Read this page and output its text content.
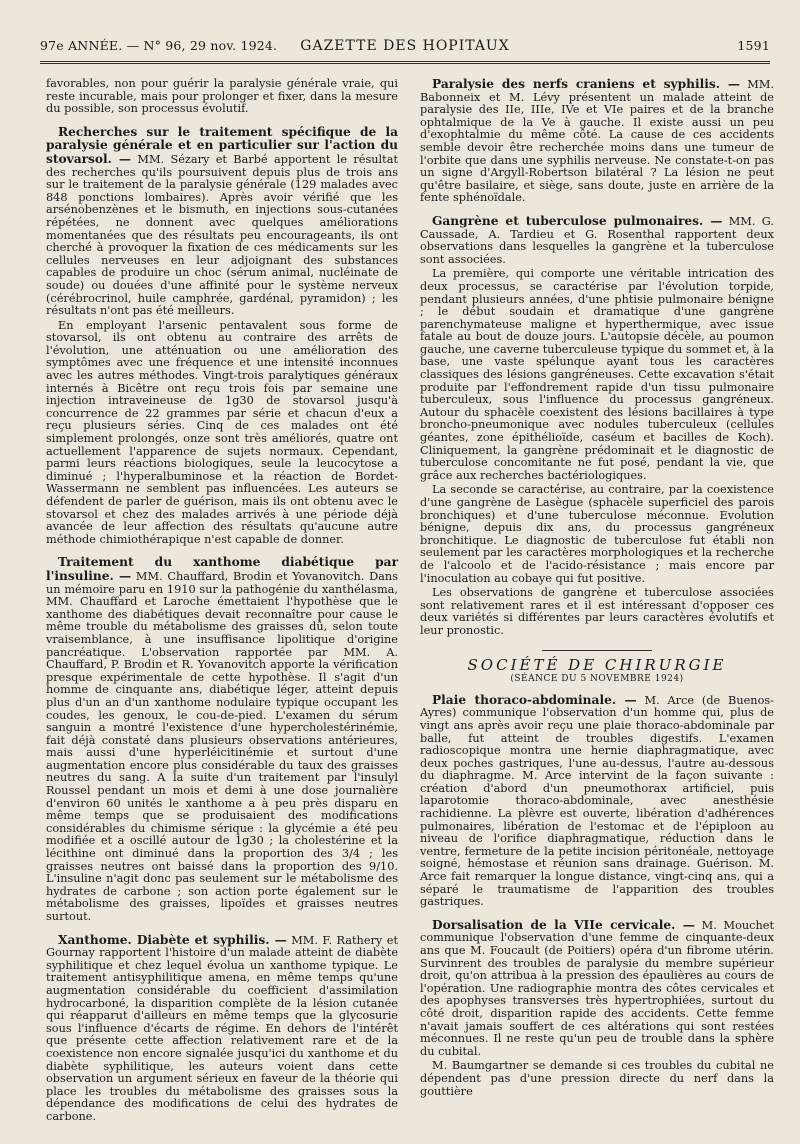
97e ANNÉE. — N° 96, 29 nov. 1924.	GAZETTE DES HOPITAUX	1591

favorables, non pour guérir la paralysie générale vraie, qui reste incurable, mais pour prolonger et fixer, dans la mesure du possible, son processus évolutif.

Recherches sur le traitement spécifique de la paralysie générale et en particulier sur l'action du stovarsol. — MM. Sézary et Barbé apportent le résultat des recherches qu'ils poursuivent depuis plus de trois ans sur le traitement de la paralysie générale (129 malades avec 848 ponctions lombaires). Après avoir vérifié que les arsénobenzènes et le bismuth, en injections sous-cutanées répétées, ne donnent avec quelques améliorations momentanées que des résultats peu encourageants, ils ont cherché à provoquer la fixation de ces médicaments sur les cellules nerveuses en leur adjoignant des substances capables de produire un choc (sérum animal, nucléinate de soude) ou douées d'une affinité pour le système nerveux (cérébrocrinol, huile camphrée, gardénal, pyramidon) ; les résultats n'ont pas été meilleurs.

En employant l'arsenic pentavalent sous forme de stovarsol, ils ont obtenu au contraire des arrêts de l'évolution, une atténuation ou une amélioration des symptômes avec une fréquence et une intensité inconnues avec les autres méthodes. Vingt-trois paralytiques généraux internés à Bicêtre ont reçu trois fois par semaine une injection intraveineuse de 1g30 de stovarsol jusqu'à concurrence de 22 grammes par série et chacun d'eux a reçu plusieurs séries. Cinq de ces malades ont été simplement prolongés, onze sont très améliorés, quatre ont actuellement l'apparence de sujets normaux. Cependant, parmi leurs réactions biologiques, seule la leucocytose a diminué ; l'hyperalbuminose et la réaction de Bordet-Wassermann ne semblent pas influencées. Les auteurs se défendent de parler de guérison, mais ils ont obtenu avec le stovarsol et chez des malades arrivés à une période déjà avancée de leur affection des résultats qu'aucune autre méthode chimiothérapique n'est capable de donner.

Traitement du xanthome diabétique par l'insuline. — MM. Chauffard, Brodin et Yovanovitch. Dans un mémoire paru en 1910 sur la pathogénie du xanthélasma, MM. Chauffard et Laroche émettaient l'hypothèse que le xanthome des diabétiques devait reconnaître pour cause le même trouble du métabolisme des graisses dû, selon toute vraisemblance, à une insuffisance lipolitique d'origine pancréatique. L'observation rapportée par MM. A. Chauffard, P. Brodin et R. Yovanovitch apporte la vérification presque expérimentale de cette hypothèse. Il s'agit d'un homme de cinquante ans, diabétique léger, atteint depuis plus d'un an d'un xanthome nodulaire typique occupant les coudes, les genoux, le cou-de-pied. L'examen du sérum sanguin a montré l'existence d'une hypercholestérinémie, fait déjà constaté dans plusieurs observations antérieures, mais aussi d'une hyperléicitinémie et surtout d'une augmentation encore plus considérable du taux des graisses neutres du sang. A la suite d'un traitement par l'insulyl Roussel pendant un mois et demi à une dose journalière d'environ 60 unités le xanthome a à peu près disparu en même temps que se produisaient des modifications considérables du chimisme sérique : la glycémie a été peu modifiée et a oscillé autour de 1g30 ; la cholestérine et la lécithine ont diminué dans la proportion des 3/4 ; les graisses neutres ont baissé dans la proportion des 9/10. L'insuline n'agit donc pas seulement sur le métabolisme des hydrates de carbone ; son action porte également sur le métabolisme des graisses, lipoïdes et graisses neutres surtout.

Xanthome. Diabète et syphilis. — MM. F. Rathery et Gournay rapportent l'histoire d'un malade atteint de diabète syphilitique et chez lequel évolua un xanthome typique. Le traitement antisyphilitique amena, en même temps qu'une augmentation considérable du coefficient d'assimilation hydrocarboné, la disparition complète de la lésion cutanée qui réapparut d'ailleurs en même temps que la glycosurie sous l'influence d'écarts de régime. En dehors de l'intérêt que présente cette affection relativement rare et de la coexistence non encore signalée jusqu'ici du xanthome et du diabète syphilitique, les auteurs voient dans cette observation un argument sérieux en faveur de la théorie qui place les troubles du métabolisme des graisses sous la dépendance des modifications de celui des hydrates de carbone.

Paralysie des nerfs craniens et syphilis. — MM. Babonneix et M. Lévy présentent un malade atteint de paralysie des IIe, IIIe, IVe et VIe paires et de la branche ophtalmique de la Ve à gauche. Il existe aussi un peu d'exophtalmie du même côté. La cause de ces accidents semble devoir être recherchée moins dans une tumeur de l'orbite que dans une syphilis nerveuse. Ne constate-t-on pas un signe d'Argyll-Robertson bilatéral ? La lésion ne peut qu'être basilaire, et siège, sans doute, juste en arrière de la fente sphénoïdale.

Gangrène et tuberculose pulmonaires. — MM. G. Caussade, A. Tardieu et G. Rosenthal rapportent deux observations dans lesquelles la gangrène et la tuberculose sont associées.

La première, qui comporte une véritable intrication des deux processus, se caractérise par l'évolution torpide, pendant plusieurs années, d'une phtisie pulmonaire bénigne ; le début soudain et dramatique d'une gangrène parenchymateuse maligne et hyperthermique, avec issue fatale au bout de douze jours. L'autopsie décèle, au poumon gauche, une caverne tuberculeuse typique du sommet et, à la base, une vaste spélunque ayant tous les caractères classiques des lésions gangréneuses. Cette excavation s'était produite par l'effondrement rapide d'un tissu pulmonaire tuberculeux, sous l'influence du processus gangréneux. Autour du sphacèle coexistent des lésions bacillaires à type broncho-pneumonique avec nodules tuberculeux (cellules géantes, zone épithélioïde, caséum et bacilles de Koch). Cliniquement, la gangrène prédominait et le diagnostic de tuberculose concomitante ne fut posé, pendant la vie, que grâce aux recherches bactériologiques.

La seconde se caractérise, au contraire, par la coexistence d'une gangrène de Lasègue (sphacèle superficiel des parois bronchiques) et d'une tuberculose méconnue. Evolution bénigne, depuis dix ans, du processus gangréneux bronchitique. Le diagnostic de tuberculose fut établi non seulement par les caractères morphologiques et la recherche de l'alcoolo et de l'acido-résistance ; mais encore par l'inoculation au cobaye qui fut positive.

Les observations de gangrène et tuberculose associées sont relativement rares et il est intéressant d'opposer ces deux variétés si différentes par leurs caractères évolutifs et leur pronostic.

SOCIÉTÉ DE CHIRURGIE
(SÉANCE DU 5 NOVEMBRE 1924)

Plaie thoraco-abdominale. — M. Arce (de Buenos-Ayres) communique l'observation d'un homme qui, plus de vingt ans après avoir reçu une plaie thoraco-abdominale par balle, fut atteint de troubles digestifs. L'examen radioscopique montra une hernie diaphragmatique, avec deux poches gastriques, l'une au-dessus, l'autre au-dessous du diaphragme. M. Arce intervint de la façon suivante : création d'abord d'un pneumothorax artificiel, puis laparotomie thoraco-abdominale, avec anesthésie rachidienne. La plèvre est ouverte, libération d'adhérences pulmonaires, libération de l'estomac et de l'épiploon au niveau de l'orifice diaphragmatique, réduction dans le ventre, fermeture de la petite incision péritonéale, nettoyage soigné, hémostase et réunion sans drainage. Guérison. M. Arce fait remarquer la longue distance, vingt-cinq ans, qui a séparé le traumatisme de l'apparition des troubles gastriques.

Dorsalisation de la VIIe cervicale. — M. Mouchet communique l'observation d'une femme de cinquante-deux ans que M. Foucault (de Poitiers) opéra d'un fibrome utérin. Survinrent des troubles de paralysie du membre supérieur droit, qu'on attribua à la pression des épaulières au cours de l'opération. Une radiographie montra des côtes cervicales et des apophyses transverses très hypertrophiées, surtout du côté droit, disparition rapide des accidents. Cette femme n'avait jamais souffert de ces altérations qui sont restées méconnues. Il ne reste qu'un peu de trouble dans la sphère du cubital.

M. Baumgartner se demande si ces troubles du cubital ne dépendent pas d'une pression directe du nerf dans la gouttière
